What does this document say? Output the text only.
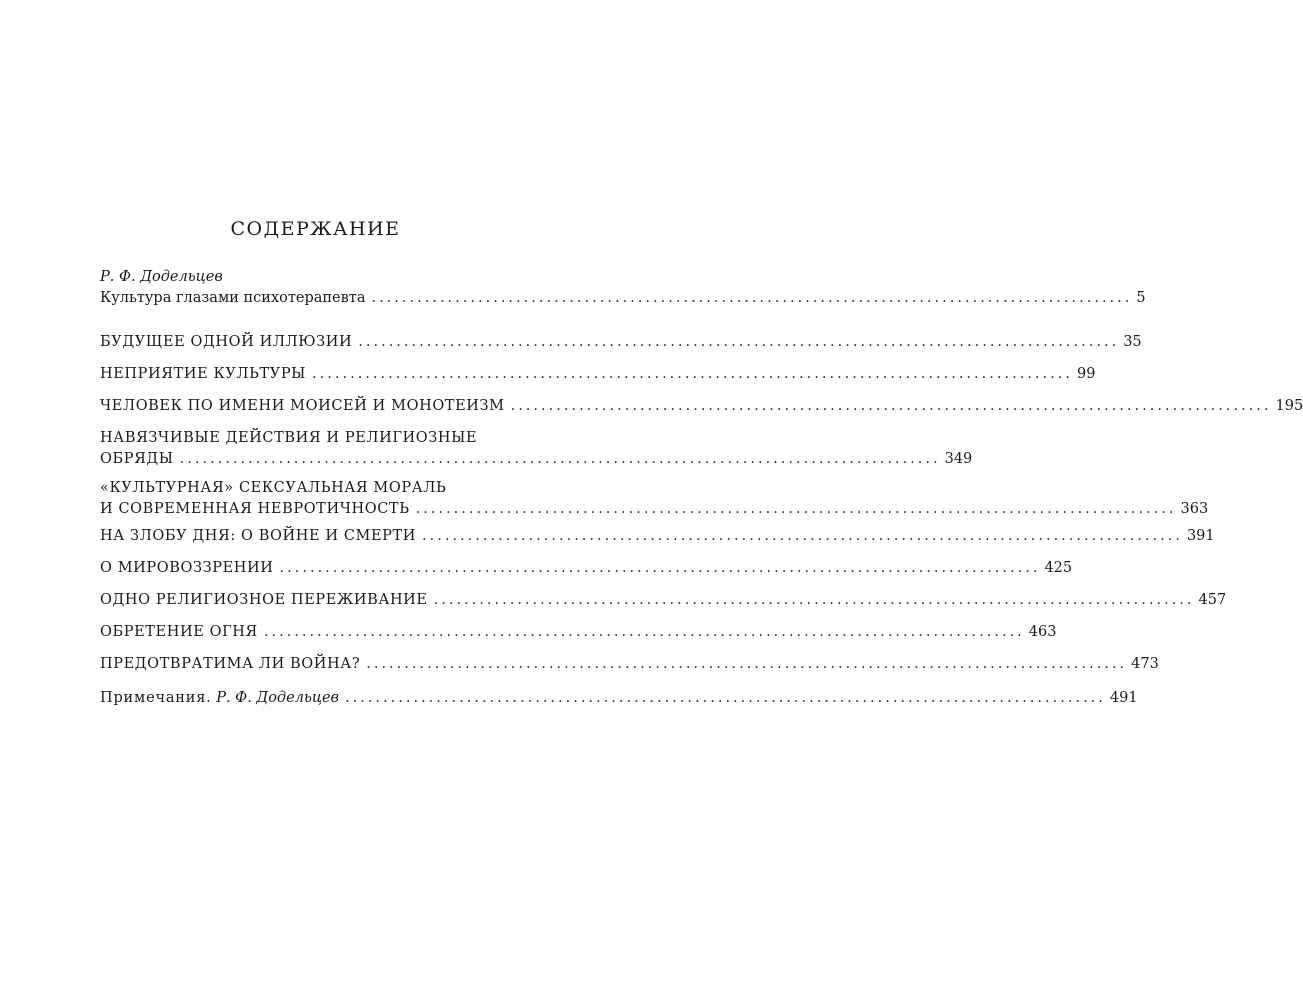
СОДЕРЖАНИЕ
Р. Ф. Додельцев
Культура глазами психотерапевта .................................................................................................... 5
БУДУЩЕЕ ОДНОЙ ИЛЛЮЗИИ .................................................................................................... 35
НЕПРИЯТИЕ КУЛЬТУРЫ .................................................................................................... 99
ЧЕЛОВЕК ПО ИМЕНИ МОИСЕЙ И МОНОТЕИЗМ .................................................................................................... 195
НАВЯЗЧИВЫЕ ДЕЙСТВИЯ И РЕЛИГИОЗНЫЕ
ОБРЯДЫ .................................................................................................... 349
«КУЛЬТУРНАЯ» СЕКСУАЛЬНАЯ МОРАЛЬ
И СОВРЕМЕННАЯ НЕВРОТИЧНОСТЬ .................................................................................................... 363
НА ЗЛОБУ ДНЯ: О ВОЙНЕ И СМЕРТИ .................................................................................................... 391
О МИРОВОЗЗРЕНИИ .................................................................................................... 425
ОДНО РЕЛИГИОЗНОЕ ПЕРЕЖИВАНИЕ .................................................................................................... 457
ОБРЕТЕНИЕ ОГНЯ .................................................................................................... 463
ПРЕДОТВРАТИМА ЛИ ВОЙНА? .................................................................................................... 473
Примечания. Р. Ф. Додельцев .................................................................................................... 491
